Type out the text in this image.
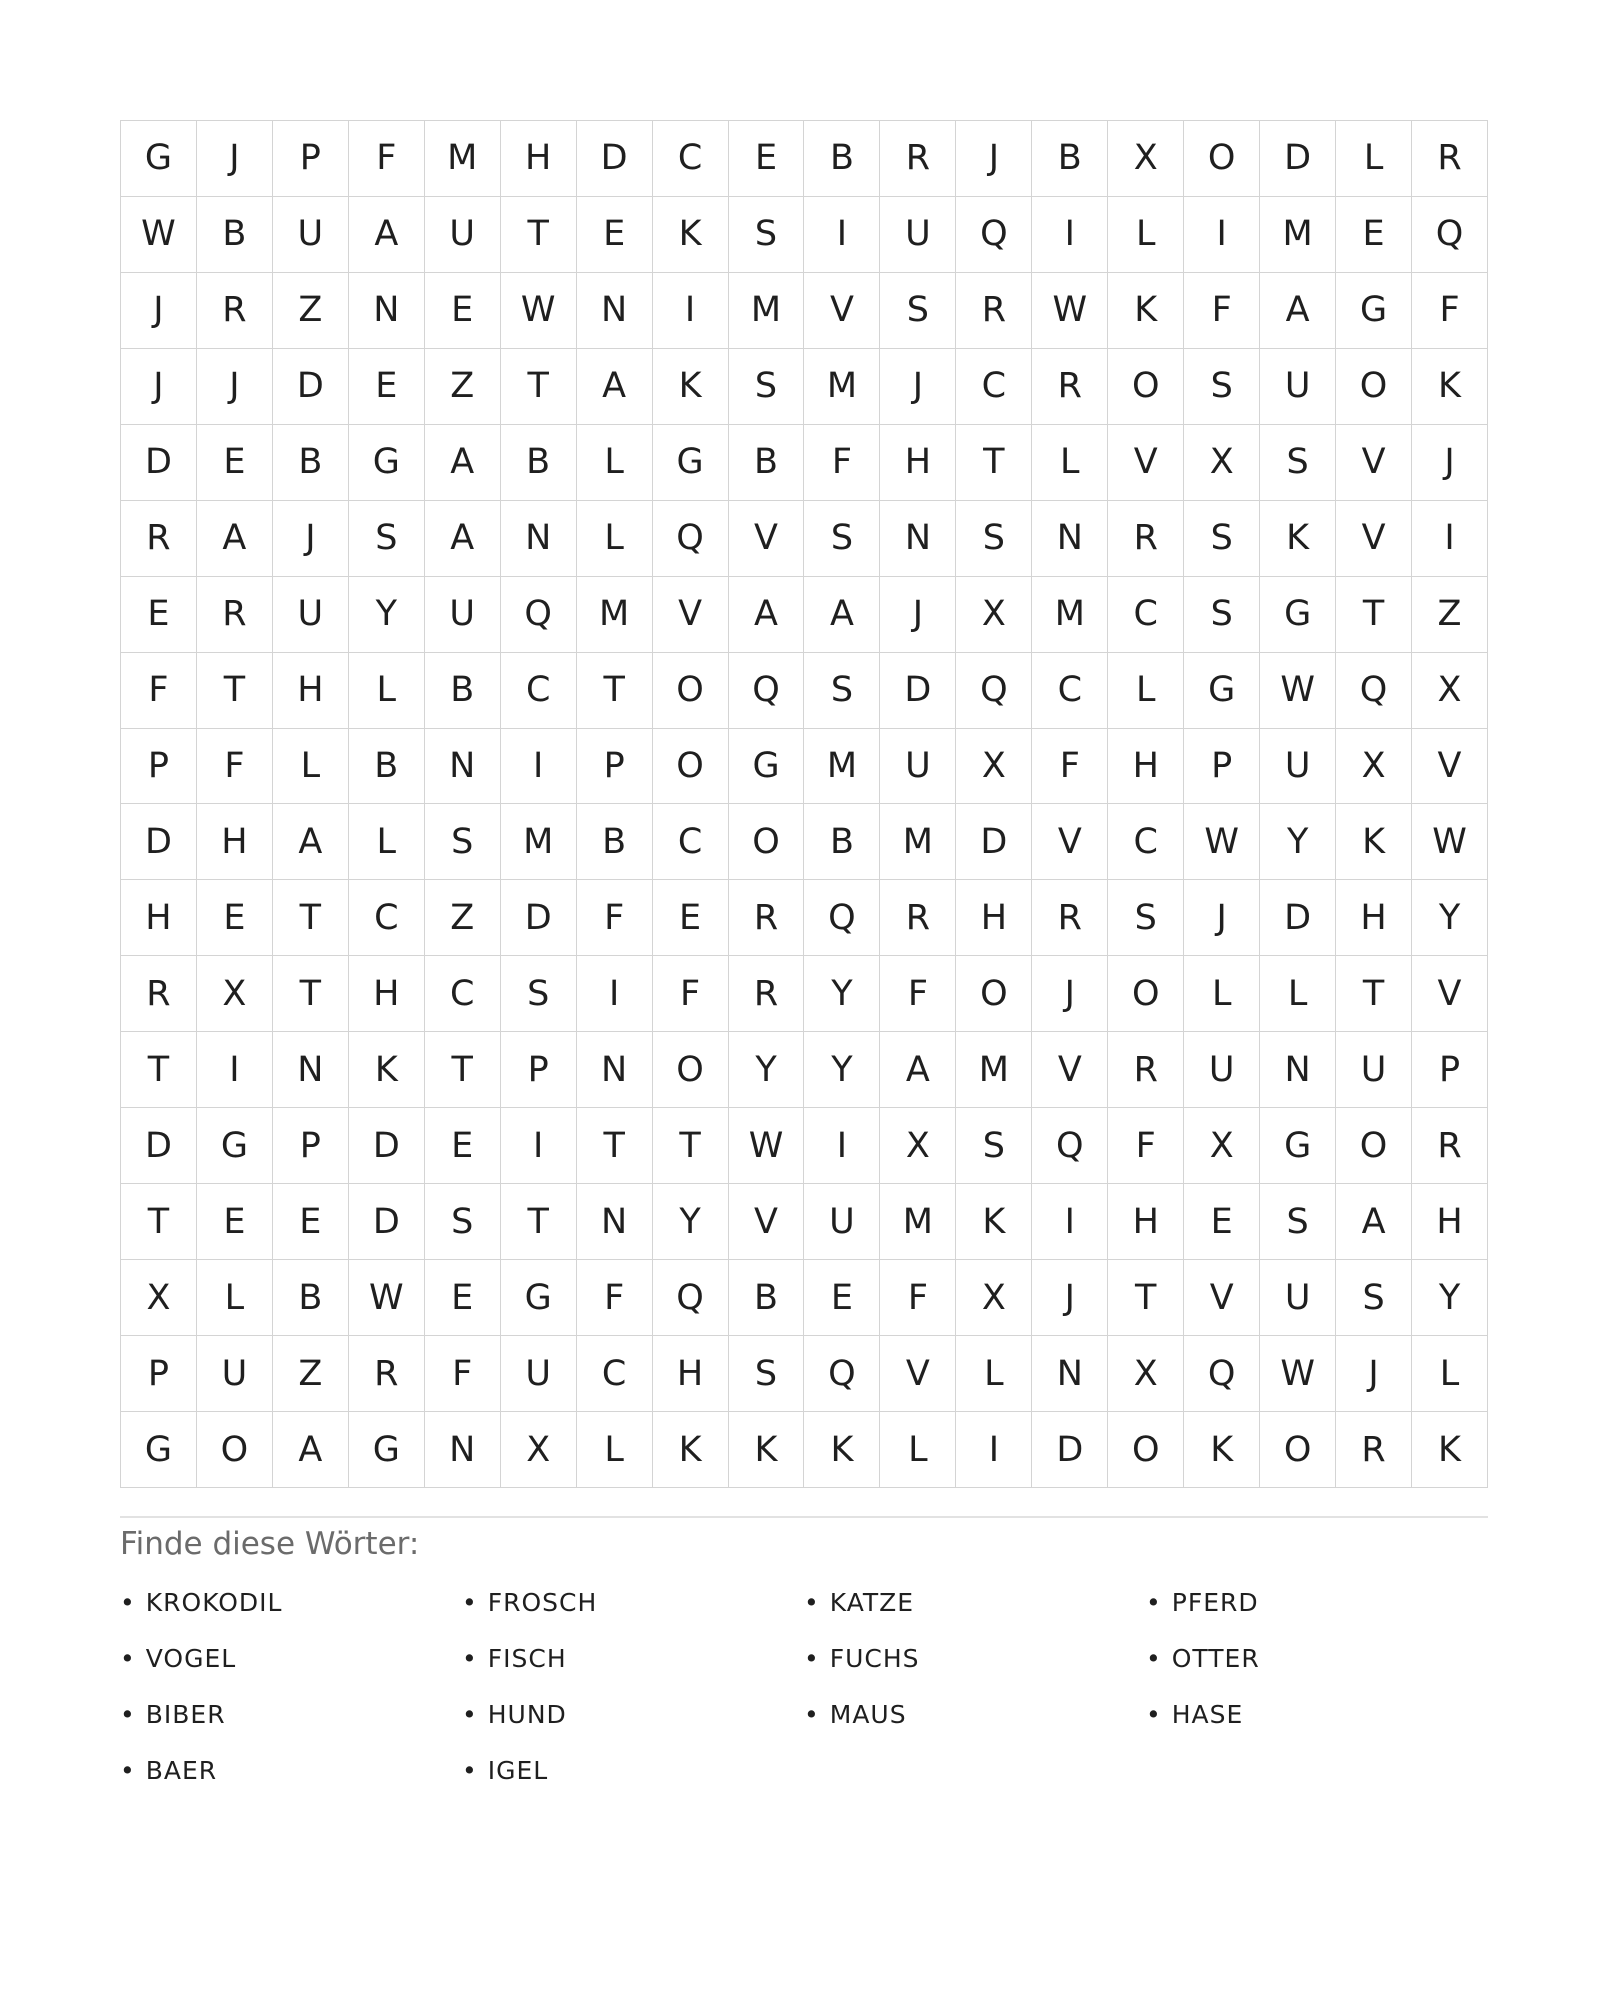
G	J	P	F	M	H	D	C	E	B	R	J	B	X	O	D	L	R
W	B	U	A	U	T	E	K	S	I	U	Q	I	L	I	M	E	Q
J	R	Z	N	E	W	N	I	M	V	S	R	W	K	F	A	G	F
J	J	D	E	Z	T	A	K	S	M	J	C	R	O	S	U	O	K
D	E	B	G	A	B	L	G	B	F	H	T	L	V	X	S	V	J
R	A	J	S	A	N	L	Q	V	S	N	S	N	R	S	K	V	I
E	R	U	Y	U	Q	M	V	A	A	J	X	M	C	S	G	T	Z
F	T	H	L	B	C	T	O	Q	S	D	Q	C	L	G	W	Q	X
P	F	L	B	N	I	P	O	G	M	U	X	F	H	P	U	X	V
D	H	A	L	S	M	B	C	O	B	M	D	V	C	W	Y	K	W
H	E	T	C	Z	D	F	E	R	Q	R	H	R	S	J	D	H	Y
R	X	T	H	C	S	I	F	R	Y	F	O	J	O	L	L	T	V
T	I	N	K	T	P	N	O	Y	Y	A	M	V	R	U	N	U	P
D	G	P	D	E	I	T	T	W	I	X	S	Q	F	X	G	O	R
T	E	E	D	S	T	N	Y	V	U	M	K	I	H	E	S	A	H
X	L	B	W	E	G	F	Q	B	E	F	X	J	T	V	U	S	Y
P	U	Z	R	F	U	C	H	S	Q	V	L	N	X	Q	W	J	L
G	O	A	G	N	X	L	K	K	K	L	I	D	O	K	O	R	K
Finde diese Wörter:
• KROKODIL	• FROSCH	• KATZE	• PFERD
• VOGEL	• FISCH	• FUCHS	• OTTER
• BIBER	• HUND	• MAUS	• HASE
• BAER	• IGEL
